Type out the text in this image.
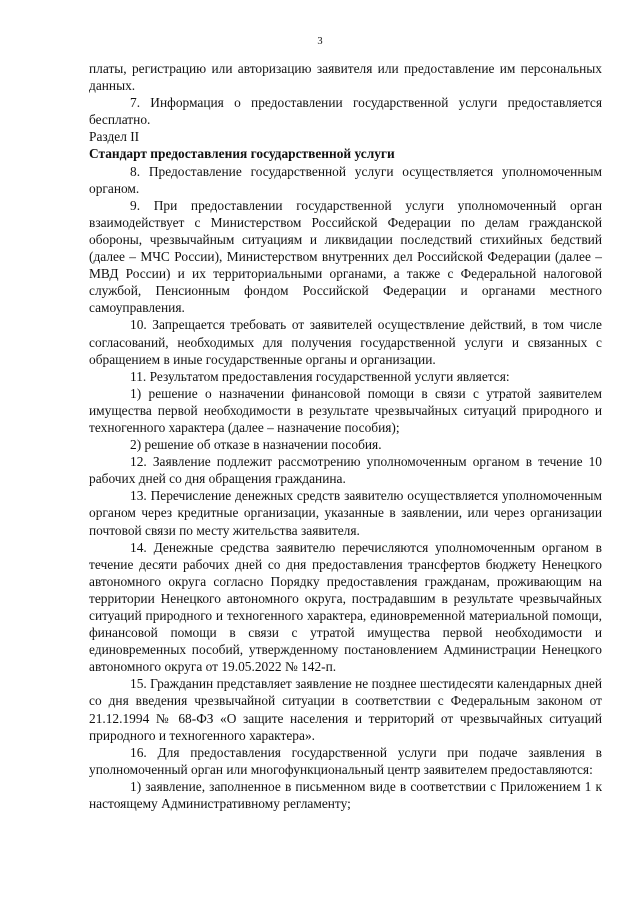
3

платы, регистрацию или авторизацию заявителя или предоставление им персональных данных.

7. Информация о предоставлении государственной услуги предоставляется бесплатно.

Раздел II

Стандарт предоставления государственной услуги

8. Предоставление государственной услуги осуществляется уполномоченным органом.

9. При предоставлении государственной услуги уполномоченный орган взаимодействует с Министерством Российской Федерации по делам гражданской обороны, чрезвычайным ситуациям и ликвидации последствий стихийных бедствий (далее – МЧС России), Министерством внутренних дел Российской Федерации (далее – МВД России) и их территориальными органами, а также с Федеральной налоговой службой, Пенсионным фондом Российской Федерации и органами местного самоуправления.

10. Запрещается требовать от заявителей осуществление действий, в том числе согласований, необходимых для получения государственной услуги и связанных с обращением в иные государственные органы и организации.

11. Результатом предоставления государственной услуги является:

1) решение о назначении финансовой помощи в связи с утратой заявителем имущества первой необходимости в результате чрезвычайных ситуаций природного и техногенного характера (далее – назначение пособия);

2) решение об отказе в назначении пособия.

12. Заявление подлежит рассмотрению уполномоченным органом в течение 10 рабочих дней со дня обращения гражданина.

13. Перечисление денежных средств заявителю осуществляется уполномоченным органом через кредитные организации, указанные в заявлении, или через организации почтовой связи по месту жительства заявителя.

14. Денежные средства заявителю перечисляются уполномоченным органом в течение десяти рабочих дней со дня предоставления трансфертов бюджету Ненецкого автономного округа согласно Порядку предоставления гражданам, проживающим на территории Ненецкого автономного округа, пострадавшим в результате чрезвычайных ситуаций природного и техногенного характера, единовременной материальной помощи, финансовой помощи в связи с утратой имущества первой необходимости и единовременных пособий, утвержденному постановлением Администрации Ненецкого автономного округа от 19.05.2022 № 142-п.

15. Гражданин представляет заявление не позднее шестидесяти календарных дней со дня введения чрезвычайной ситуации в соответствии с Федеральным законом от 21.12.1994 № 68-ФЗ «О защите населения и территорий от чрезвычайных ситуаций природного и техногенного характера».

16. Для предоставления государственной услуги при подаче заявления в уполномоченный орган или многофункциональный центр заявителем предоставляются:

1) заявление, заполненное в письменном виде в соответствии с Приложением 1 к настоящему Административному регламенту;
